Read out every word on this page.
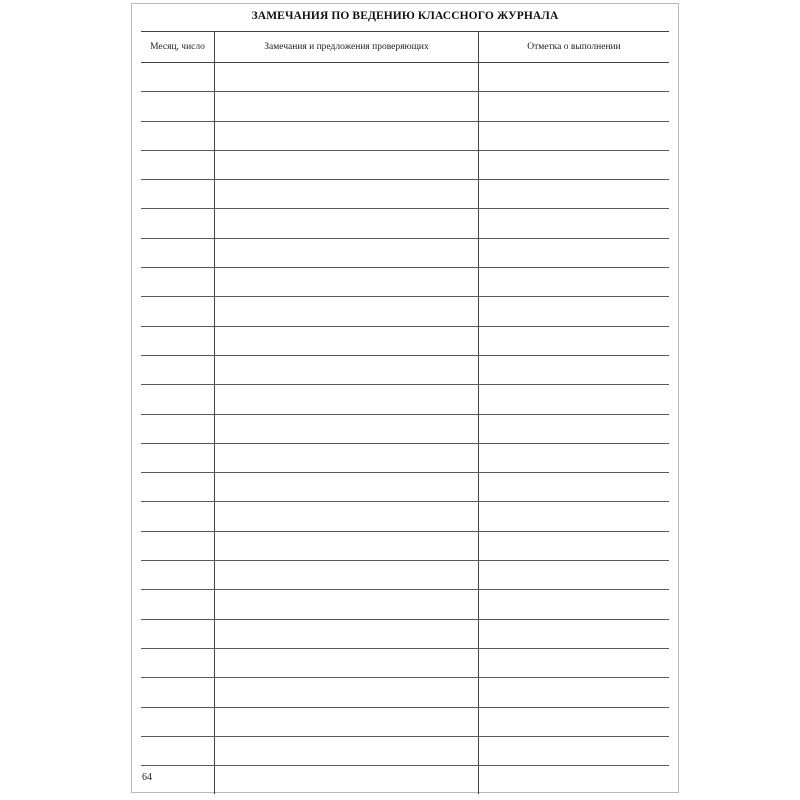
ЗАМЕЧАНИЯ ПО ВЕДЕНИЮ КЛАССНОГО ЖУРНАЛА
Месяц, число	Замечания и предложения проверяющих	Отметка о выполнении

64
